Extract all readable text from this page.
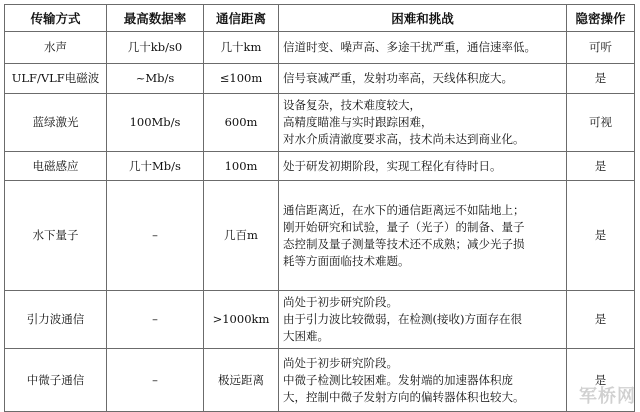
传输方式	最高数据率	通信距离	困难和挑战	隐密操作
水声	几十kb/s0	几十km	信道时变、噪声高、多途干扰严重，通信速率低。	可听
ULF/VLF电磁波	~Mb/s	≤100m	信号衰减严重，发射功率高，天线体积庞大。	是
蓝绿激光	100Mb/s	600m	设备复杂，技术难度较大，
高精度瞄准与实时跟踪困难，
对水介质清澈度要求高，技术尚未达到商业化。	可视
电磁感应	几十Mb/s	100m	处于研发初期阶段，实现工程化有待时日。	是
水下量子	–	几百m	通信距离近，在水下的通信距离远不如陆地上；
刚开始研究和试验，量子（光子）的制备、量子
态控制及量子测量等技术还不成熟；减少光子损
耗等方面面临技术难题。	是
引力波通信	–	>1000km	尚处于初步研究阶段。
由于引力波比较微弱，在检测(接收)方面存在很
大困难。	是
中微子通信	–	极远距离	尚处于初步研究阶段。
中微子检测比较困难。发射端的加速器体积庞
大，控制中微子发射方向的偏转器体积也较大。	是
军桥网
